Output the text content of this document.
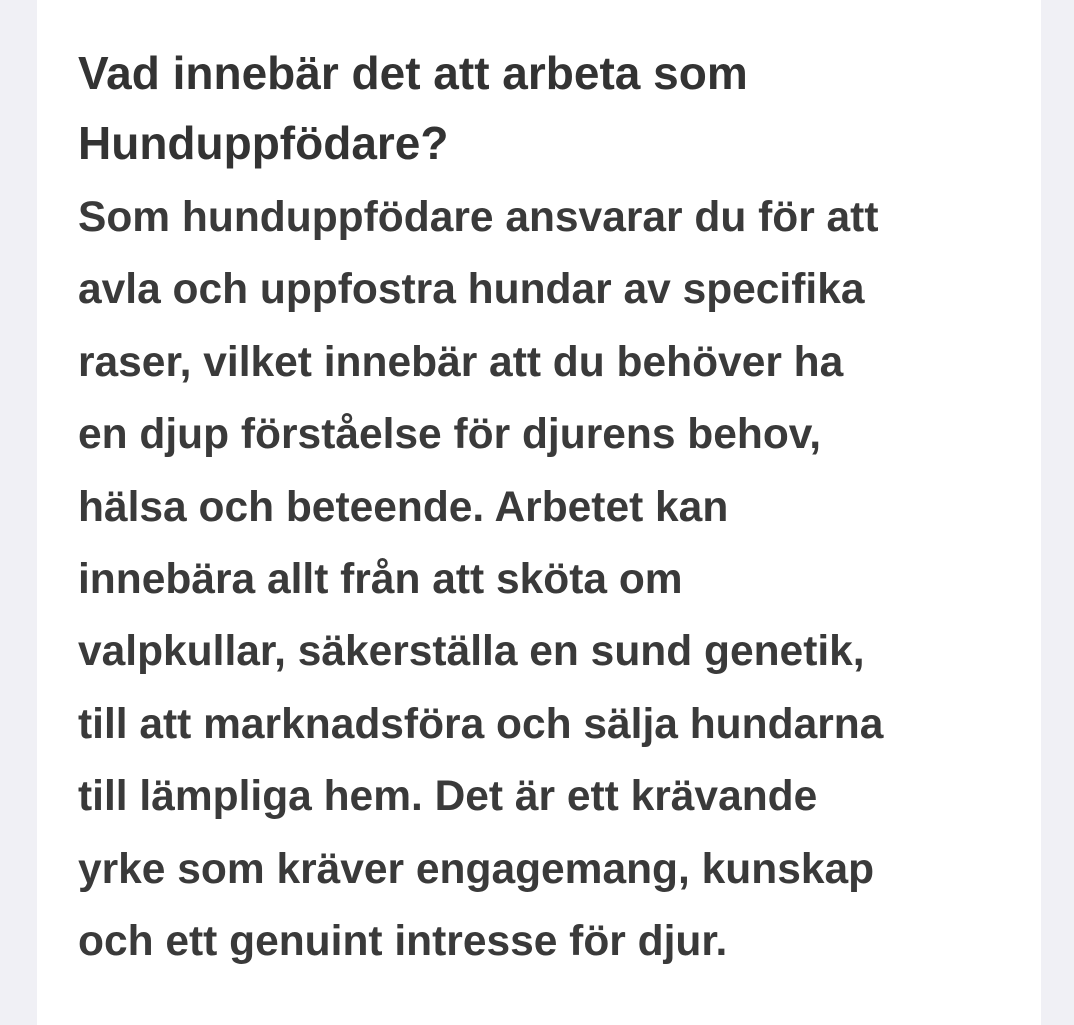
Vad innebär det att arbeta som
Hunduppfödare?

Som hunduppfödare ansvarar du för att
avla och uppfostra hundar av specifika
raser, vilket innebär att du behöver ha
en djup förståelse för djurens behov,
hälsa och beteende. Arbetet kan
innebära allt från att sköta om
valpkullar, säkerställa en sund genetik,
till att marknadsföra och sälja hundarna
till lämpliga hem. Det är ett krävande
yrke som kräver engagemang, kunskap
och ett genuint intresse för djur.
